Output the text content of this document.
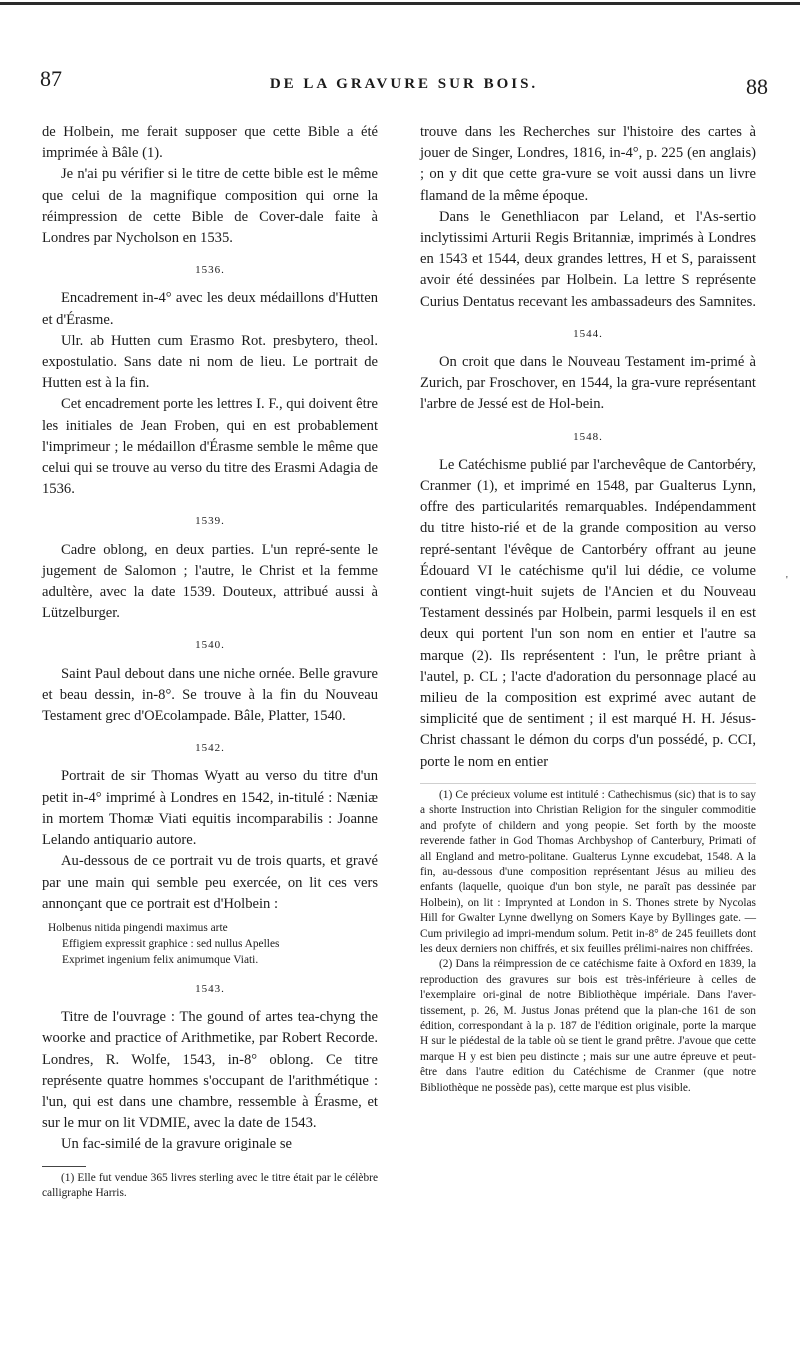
87	DE LA GRAVURE SUR BOIS.	88

de Holbein, me ferait supposer que cette Bible a été imprimée à Bâle (1).

Je n'ai pu vérifier si le titre de cette bible est le même que celui de la magnifique composition qui orne la réimpression de cette Bible de Cover-dale faite à Londres par Nycholson en 1535.

1536.

Encadrement in-4° avec les deux médaillons d'Hutten et d'Érasme.

Ulr. ab Hutten cum Erasmo Rot. presbytero, theol. expostulatio. Sans date ni nom de lieu. Le portrait de Hutten est à la fin.

Cet encadrement porte les lettres I. F., qui doivent être les initiales de Jean Froben, qui en est probablement l'imprimeur ; le médaillon d'Érasme semble le même que celui qui se trouve au verso du titre des Erasmi Adagia de 1536.

1539.

Cadre oblong, en deux parties. L'un repré-sente le jugement de Salomon ; l'autre, le Christ et la femme adultère, avec la date 1539. Douteux, attribué aussi à Lützelburger.

1540.

Saint Paul debout dans une niche ornée. Belle gravure et beau dessin, in-8°. Se trouve à la fin du Nouveau Testament grec d'OEcolampade. Bâle, Platter, 1540.

1542.

Portrait de sir Thomas Wyatt au verso du titre d'un petit in-4° imprimé à Londres en 1542, in-titulé : Næniæ in mortem Thomæ Viati equitis incomparabilis : Joanne Lelando antiquario autore.

Au-dessous de ce portrait vu de trois quarts, et gravé par une main qui semble peu exercée, on lit ces vers annonçant que ce portrait est d'Holbein :

Holbenus nitida pingendi maximus arte
Effigiem expressit graphice : sed nullus Apelles
Exprimet ingenium felix animumque Viati.
1543.

Titre de l'ouvrage : The gound of artes tea-chyng the woorke and practice of Arithmetike, par Robert Recorde. Londres, R. Wolfe, 1543, in-8° oblong. Ce titre représente quatre hommes s'occupant de l'arithmétique : l'un, qui est dans une chambre, ressemble à Érasme, et sur le mur on lit VDMIE, avec la date de 1543.

Un fac-similé de la gravure originale se

(1) Elle fut vendue 365 livres sterling avec le titre était par le célèbre calligraphe Harris.

trouve dans les Recherches sur l'histoire des cartes à jouer de Singer, Londres, 1816, in-4°, p. 225 (en anglais) ; on y dit que cette gra-vure se voit aussi dans un livre flamand de la même époque.

Dans le Genethliacon par Leland, et l'As-sertio inclytissimi Arturii Regis Britanniæ, imprimés à Londres en 1543 et 1544, deux grandes lettres, H et S, paraissent avoir été dessinées par Holbein. La lettre S représente Curius Dentatus recevant les ambassadeurs des Samnites.

1544.

On croit que dans le Nouveau Testament im-primé à Zurich, par Froschover, en 1544, la gra-vure représentant l'arbre de Jessé est de Hol-bein.

1548.

Le Catéchisme publié par l'archevêque de Cantorbéry, Cranmer (1), et imprimé en 1548, par Gualterus Lynn, offre des particularités remarquables. Indépendamment du titre histo-rié et de la grande composition au verso repré-sentant l'évêque de Cantorbéry offrant au jeune Édouard VI le catéchisme qu'il lui dédie, ce volume contient vingt-huit sujets de l'Ancien et du Nouveau Testament dessinés par Holbein, parmi lesquels il en est deux qui portent l'un son nom en entier et l'autre sa marque (2). Ils représentent : l'un, le prêtre priant à l'autel, p. CL ; l'acte d'adoration du personnage placé au milieu de la composition est exprimé avec autant de simplicité que de sentiment ; il est marqué H. H. Jésus-Christ chassant le démon du corps d'un possédé, p. CCI, porte le nom en entier

(1) Ce précieux volume est intitulé : Cathechismus (sic) that is to say a shorte Instruction into Christian Religion for the singuler commoditie and profyte of childern and yong peopie. Set forth by the mooste reverende father in God Thomas Archbyshop of Canterbury, Primati of all England and metro-politane. Gualterus Lynne excudebat, 1548. A la fin, au-dessous d'une composition représentant Jésus au milieu des enfants (laquelle, quoique d'un bon style, ne paraît pas dessinée par Holbein), on lit : Imprynted at London in S. Thones strete by Nycolas Hill for Gwalter Lynne dwellyng on Somers Kaye by Byllinges gate. — Cum privilegio ad impri-mendum solum. Petit in-8° de 245 feuillets dont les deux derniers non chiffrés, et six feuilles prélimi-naires non chiffrées.

(2) Dans la réimpression de ce catéchisme faite à Oxford en 1839, la reproduction des gravures sur bois est très-inférieure à celles de l'exemplaire ori-ginal de notre Bibliothèque impériale. Dans l'aver-tissement, p. 26, M. Justus Jonas prétend que la plan-che 161 de son édition, correspondant à la p. 187 de l'édition originale, porte la marque H sur le piédestal de la table où se tient le grand prêtre. J'avoue que cette marque H y est bien peu distincte ; mais sur une autre épreuve et peut-être dans l'autre edition du Catéchisme de Cranmer (que notre Bibliothèque ne possède pas), cette marque est plus visible.

'
